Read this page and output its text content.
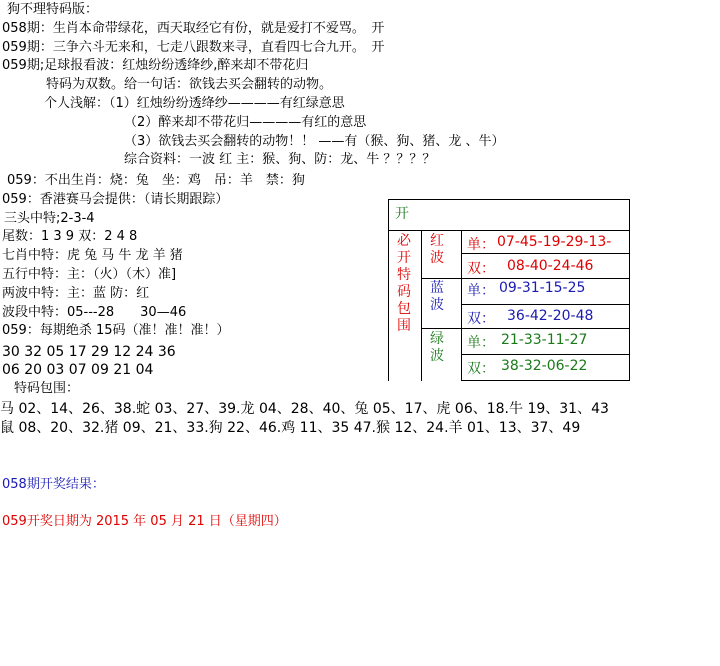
狗不理特码版：
058期：生肖本命带绿花，西天取经它有份，就是爱打不爱骂。　开
059期：三争六斗无来和，七走八跟数来寻，直看四七合九开。　开
059期;足球报看波：红烛纷纷透绛纱,醉来却不带花归
特码为双数。给一句话：欲钱去买会翻转的动物。
个人浅解：（1）红烛纷纷透绛纱————有红绿意思
（2）醉来却不带花归————有红的意思
（3）欲钱去买会翻转的动物！！ ——有（猴、狗、猪、龙 、牛）
综合资料：一波 红 主：猴、狗、防：龙、牛 ？？？？
059：不出生肖：烧：兔　坐：鸡　吊：羊　禁：狗
059：香港赛马会提供：（请长期跟踪）
三头中特;2-3-4
尾数：1 3 9 双：2 4 8
七肖中特：虎 兔 马 牛 龙 羊 猪
五行中特：主：（火）（木）准]
两波中特：主：蓝 防：红
波段中特：05---28　　30—46
059：每期绝杀 15码（准！准！准！）
30 32 05 17 29 12 24 36
06 20 03 07 09 21 04
特码包围：
马 02、14、26、38.蛇 03、27、39.龙 04、28、40、兔 05、17、虎 06、18.牛 19、31、43
鼠 08、20、32.猪 09、21、33.狗 22、46.鸡 11、35 47.猴 12、24.羊 01、13、37、49
058期开奖结果：
059开奖日期为 2015 年 05 月 21 日（星期四）
开
必开特码包围
红波
蓝波
绿波
单： 07-45-19-29-13-
双： 08-40-24-46
单： 09-31-15-25
双： 36-42-20-48
单： 21-33-11-27
双： 38-32-06-22
